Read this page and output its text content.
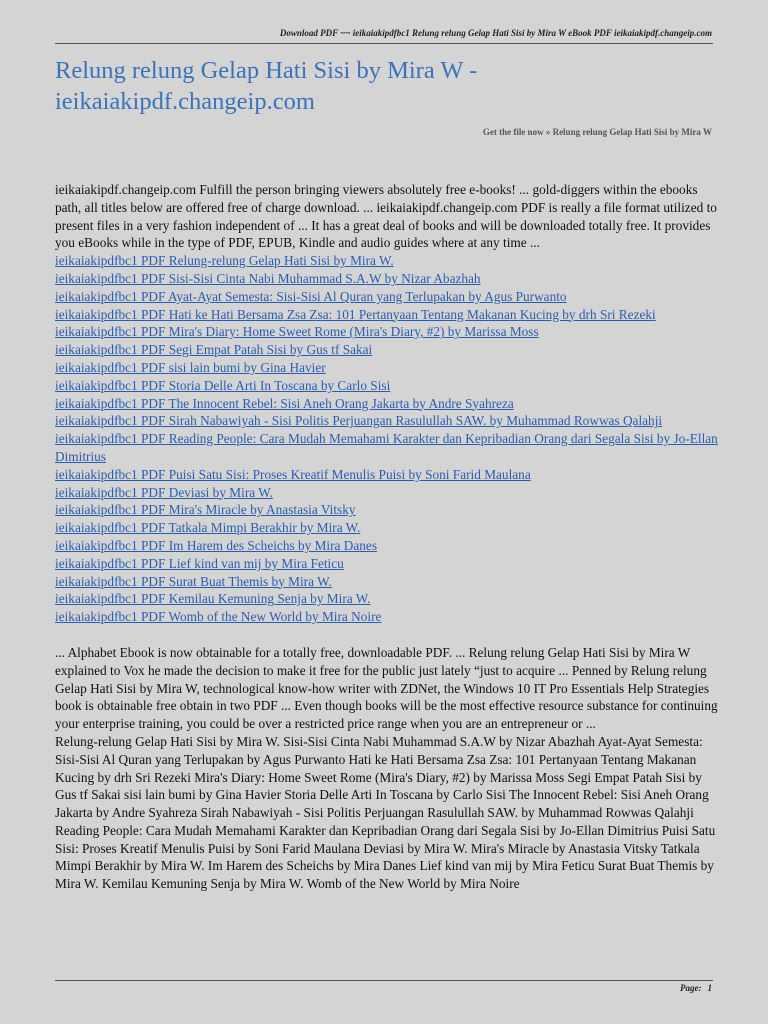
Download PDF ~~ ieikaiakipdfbc1 Relung relung Gelap Hati Sisi by Mira W eBook PDF ieikaiakipdf.changeip.com
Relung relung Gelap Hati Sisi by Mira W - ieikaiakipdf.changeip.com
Get the file now » Relung relung Gelap Hati Sisi by Mira W

ieikaiakipdf.changeip.com Fulfill the person bringing viewers absolutely free e-books! ... gold-diggers within the ebooks path, all titles below are offered free of charge download. ... ieikaiakipdf.changeip.com PDF is really a file format utilized to present files in a very fashion independent of ... It has a great deal of books and will be downloaded totally free. It provides you eBooks while in the type of PDF, EPUB, Kindle and audio guides where at any time ...

ieikaiakipdfbc1 PDF Relung-relung Gelap Hati Sisi by Mira W.
ieikaiakipdfbc1 PDF Sisi-Sisi Cinta Nabi Muhammad S.A.W by Nizar Abazhah
ieikaiakipdfbc1 PDF Ayat-Ayat Semesta: Sisi-Sisi Al Quran yang Terlupakan by Agus Purwanto
ieikaiakipdfbc1 PDF Hati ke Hati Bersama Zsa Zsa: 101 Pertanyaan Tentang Makanan Kucing by drh Sri Rezeki
ieikaiakipdfbc1 PDF Mira's Diary: Home Sweet Rome (Mira's Diary, #2) by Marissa Moss
ieikaiakipdfbc1 PDF Segi Empat Patah Sisi by Gus tf Sakai
ieikaiakipdfbc1 PDF sisi lain bumi by Gina Havier
ieikaiakipdfbc1 PDF Storia Delle Arti In Toscana by Carlo Sisi
ieikaiakipdfbc1 PDF The Innocent Rebel: Sisi Aneh Orang Jakarta by Andre Syahreza
ieikaiakipdfbc1 PDF Sirah Nabawiyah - Sisi Politis Perjuangan Rasulullah SAW. by Muhammad Rowwas Qalahji
ieikaiakipdfbc1 PDF Reading People: Cara Mudah Memahami Karakter dan Kepribadian Orang dari Segala Sisi by Jo-Ellan Dimitrius
ieikaiakipdfbc1 PDF Puisi Satu Sisi: Proses Kreatif Menulis Puisi by Soni Farid Maulana
ieikaiakipdfbc1 PDF Deviasi by Mira W.
ieikaiakipdfbc1 PDF Mira's Miracle by Anastasia Vitsky
ieikaiakipdfbc1 PDF Tatkala Mimpi Berakhir by Mira W.
ieikaiakipdfbc1 PDF Im Harem des Scheichs by Mira Danes
ieikaiakipdfbc1 PDF Lief kind van mij by Mira Feticu
ieikaiakipdfbc1 PDF Surat Buat Themis by Mira W.
ieikaiakipdfbc1 PDF Kemilau Kemuning Senja by Mira W.
ieikaiakipdfbc1 PDF Womb of the New World by Mira Noire

... Alphabet Ebook is now obtainable for a totally free, downloadable PDF. ... Relung relung Gelap Hati Sisi by Mira W explained to Vox he made the decision to make it free for the public just lately “just to acquire ... Penned by Relung relung Gelap Hati Sisi by Mira W, technological know-how writer with ZDNet, the Windows 10 IT Pro Essentials Help Strategies book is obtainable free obtain in two PDF ... Even though books will be the most effective resource substance for continuing your enterprise training, you could be over a restricted price range when you are an entrepreneur or ...

Relung-relung Gelap Hati Sisi by Mira W. Sisi-Sisi Cinta Nabi Muhammad S.A.W by Nizar Abazhah Ayat-Ayat Semesta: Sisi-Sisi Al Quran yang Terlupakan by Agus Purwanto Hati ke Hati Bersama Zsa Zsa: 101 Pertanyaan Tentang Makanan Kucing by drh Sri Rezeki Mira's Diary: Home Sweet Rome (Mira's Diary, #2) by Marissa Moss Segi Empat Patah Sisi by Gus tf Sakai sisi lain bumi by Gina Havier Storia Delle Arti In Toscana by Carlo Sisi The Innocent Rebel: Sisi Aneh Orang Jakarta by Andre Syahreza Sirah Nabawiyah - Sisi Politis Perjuangan Rasulullah SAW. by Muhammad Rowwas Qalahji Reading People: Cara Mudah Memahami Karakter dan Kepribadian Orang dari Segala Sisi by Jo-Ellan Dimitrius Puisi Satu Sisi: Proses Kreatif Menulis Puisi by Soni Farid Maulana Deviasi by Mira W. Mira's Miracle by Anastasia Vitsky Tatkala Mimpi Berakhir by Mira W. Im Harem des Scheichs by Mira Danes Lief kind van mij by Mira Feticu Surat Buat Themis by Mira W. Kemilau Kemuning Senja by Mira W. Womb of the New World by Mira Noire

Page: 1
